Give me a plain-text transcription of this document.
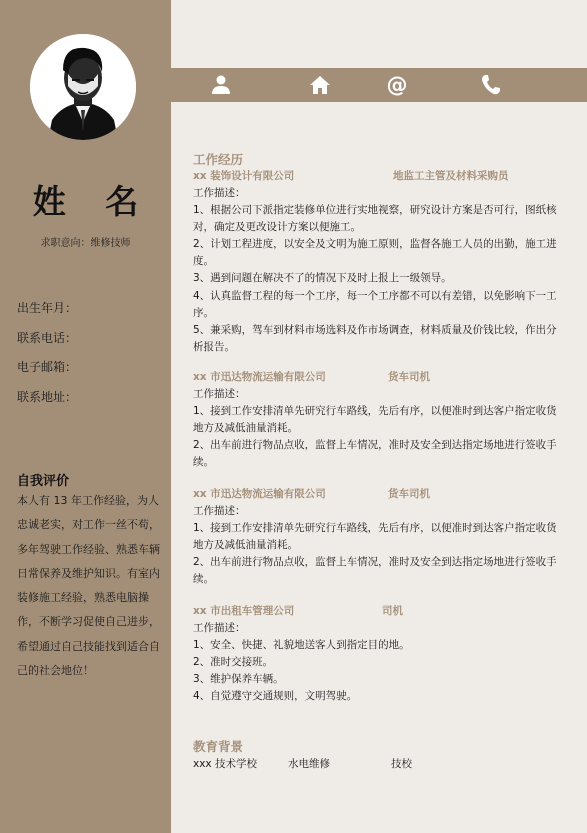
姓 名
求职意向：维修技师
出生年月：
联系电话：
电子邮箱：
联系地址：
自我评价
本人有 13 年工作经验，为人忠诚老实，对工作一丝不苟，多年驾驶工作经验、熟悉车辆日常保养及维护知识。有室内装修施工经验，熟悉电脑操作，不断学习促使自己进步，希望通过自己技能找到适合自己的社会地位！
@
工作经历
xx 装饰设计有限公司	地监工主管及材料采购员

工作描述：

1、根据公司下派指定装修单位进行实地视察，研究设计方案是否可行，图纸核对，确定及更改设计方案以便施工。

2、计划工程进度，以安全及文明为施工原则，监督各施工人员的出勤，施工进度。

3、遇到问题在解决不了的情况下及时上报上一级领导。

4、认真监督工程的每一个工序，每一个工序都不可以有差错，以免影响下一工序。

5、兼采购，驾车到材料市场选料及作市场调查，材料质量及价钱比较，作出分析报告。

xx 市迅达物流运输有限公司	货车司机

工作描述：

1、接到工作安排清单先研究行车路线，先后有序，以便准时到达客户指定收货地方及减低油量消耗。

2、出车前进行物品点收，监督上车情况，准时及安全到达指定场地进行签收手续。

xx 市迅达物流运输有限公司	货车司机

工作描述：

1、接到工作安排清单先研究行车路线，先后有序，以便准时到达客户指定收货地方及减低油量消耗。

2、出车前进行物品点收，监督上车情况，准时及安全到达指定场地进行签收手续。

xx 市出租车管理公司	司机

工作描述：

1、安全、快捷、礼貌地送客人到指定目的地。

2、准时交接班。

3、维护保养车辆。

4、自觉遵守交通规则，文明驾驶。

教育背景
xxx 技术学校	水电维修	技校
